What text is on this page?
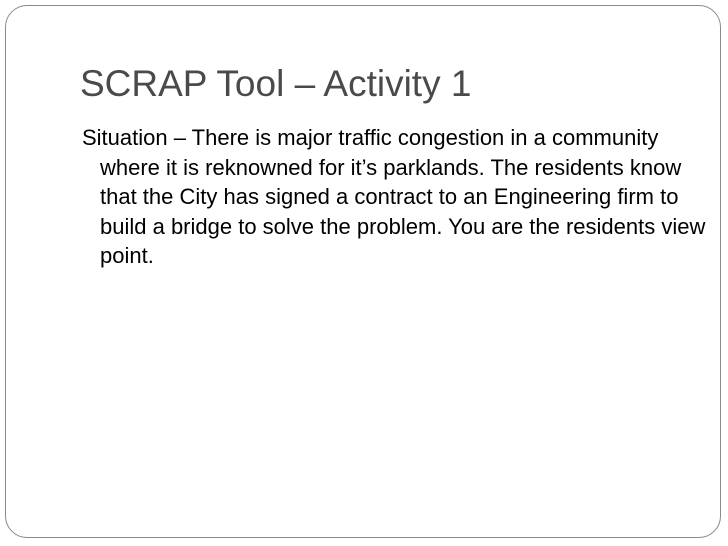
SCRAP Tool – Activity 1

Situation – There is major traffic congestion in a community where it is reknowned for it’s parklands. The residents know that the City has signed a contract to an Engineering firm to build a bridge to solve the problem. You are the residents view point.
